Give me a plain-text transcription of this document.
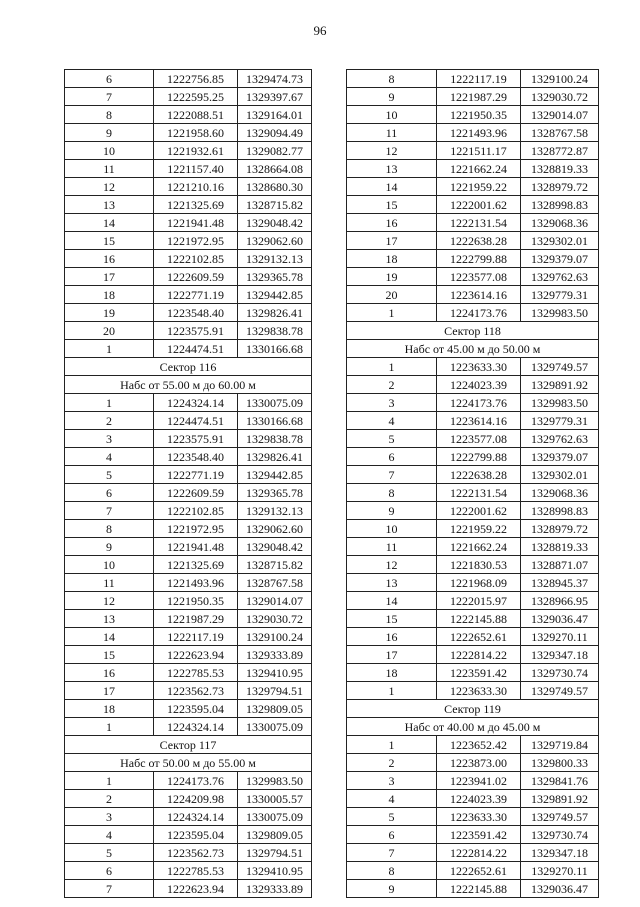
96
6	1222756.85	1329474.73
7	1222595.25	1329397.67
8	1222088.51	1329164.01
9	1221958.60	1329094.49
10	1221932.61	1329082.77
11	1221157.40	1328664.08
12	1221210.16	1328680.30
13	1221325.69	1328715.82
14	1221941.48	1329048.42
15	1221972.95	1329062.60
16	1222102.85	1329132.13
17	1222609.59	1329365.78
18	1222771.19	1329442.85
19	1223548.40	1329826.41
20	1223575.91	1329838.78
1	1224474.51	1330166.68
Сектор 116		
Набс от 55.00 м до 60.00 м		
1	1224324.14	1330075.09
2	1224474.51	1330166.68
3	1223575.91	1329838.78
4	1223548.40	1329826.41
5	1222771.19	1329442.85
6	1222609.59	1329365.78
7	1222102.85	1329132.13
8	1221972.95	1329062.60
9	1221941.48	1329048.42
10	1221325.69	1328715.82
11	1221493.96	1328767.58
12	1221950.35	1329014.07
13	1221987.29	1329030.72
14	1222117.19	1329100.24
15	1222623.94	1329333.89
16	1222785.53	1329410.95
17	1223562.73	1329794.51
18	1223595.04	1329809.05
1	1224324.14	1330075.09
Сектор 117		
Набс от 50.00 м до 55.00 м		
1	1224173.76	1329983.50
2	1224209.98	1330005.57
3	1224324.14	1330075.09
4	1223595.04	1329809.05
5	1223562.73	1329794.51
6	1222785.53	1329410.95
7	1222623.94	1329333.89
8	1222117.19	1329100.24
9	1221987.29	1329030.72
10	1221950.35	1329014.07
11	1221493.96	1328767.58
12	1221511.17	1328772.87
13	1221662.24	1328819.33
14	1221959.22	1328979.72
15	1222001.62	1328998.83
16	1222131.54	1329068.36
17	1222638.28	1329302.01
18	1222799.88	1329379.07
19	1223577.08	1329762.63
20	1223614.16	1329779.31
1	1224173.76	1329983.50
Сектор 118		
Набс от 45.00 м до 50.00 м		
1	1223633.30	1329749.57
2	1224023.39	1329891.92
3	1224173.76	1329983.50
4	1223614.16	1329779.31
5	1223577.08	1329762.63
6	1222799.88	1329379.07
7	1222638.28	1329302.01
8	1222131.54	1329068.36
9	1222001.62	1328998.83
10	1221959.22	1328979.72
11	1221662.24	1328819.33
12	1221830.53	1328871.07
13	1221968.09	1328945.37
14	1222015.97	1328966.95
15	1222145.88	1329036.47
16	1222652.61	1329270.11
17	1222814.22	1329347.18
18	1223591.42	1329730.74
1	1223633.30	1329749.57
Сектор 119		
Набс от 40.00 м до 45.00 м		
1	1223652.42	1329719.84
2	1223873.00	1329800.33
3	1223941.02	1329841.76
4	1224023.39	1329891.92
5	1223633.30	1329749.57
6	1223591.42	1329730.74
7	1222814.22	1329347.18
8	1222652.61	1329270.11
9	1222145.88	1329036.47
